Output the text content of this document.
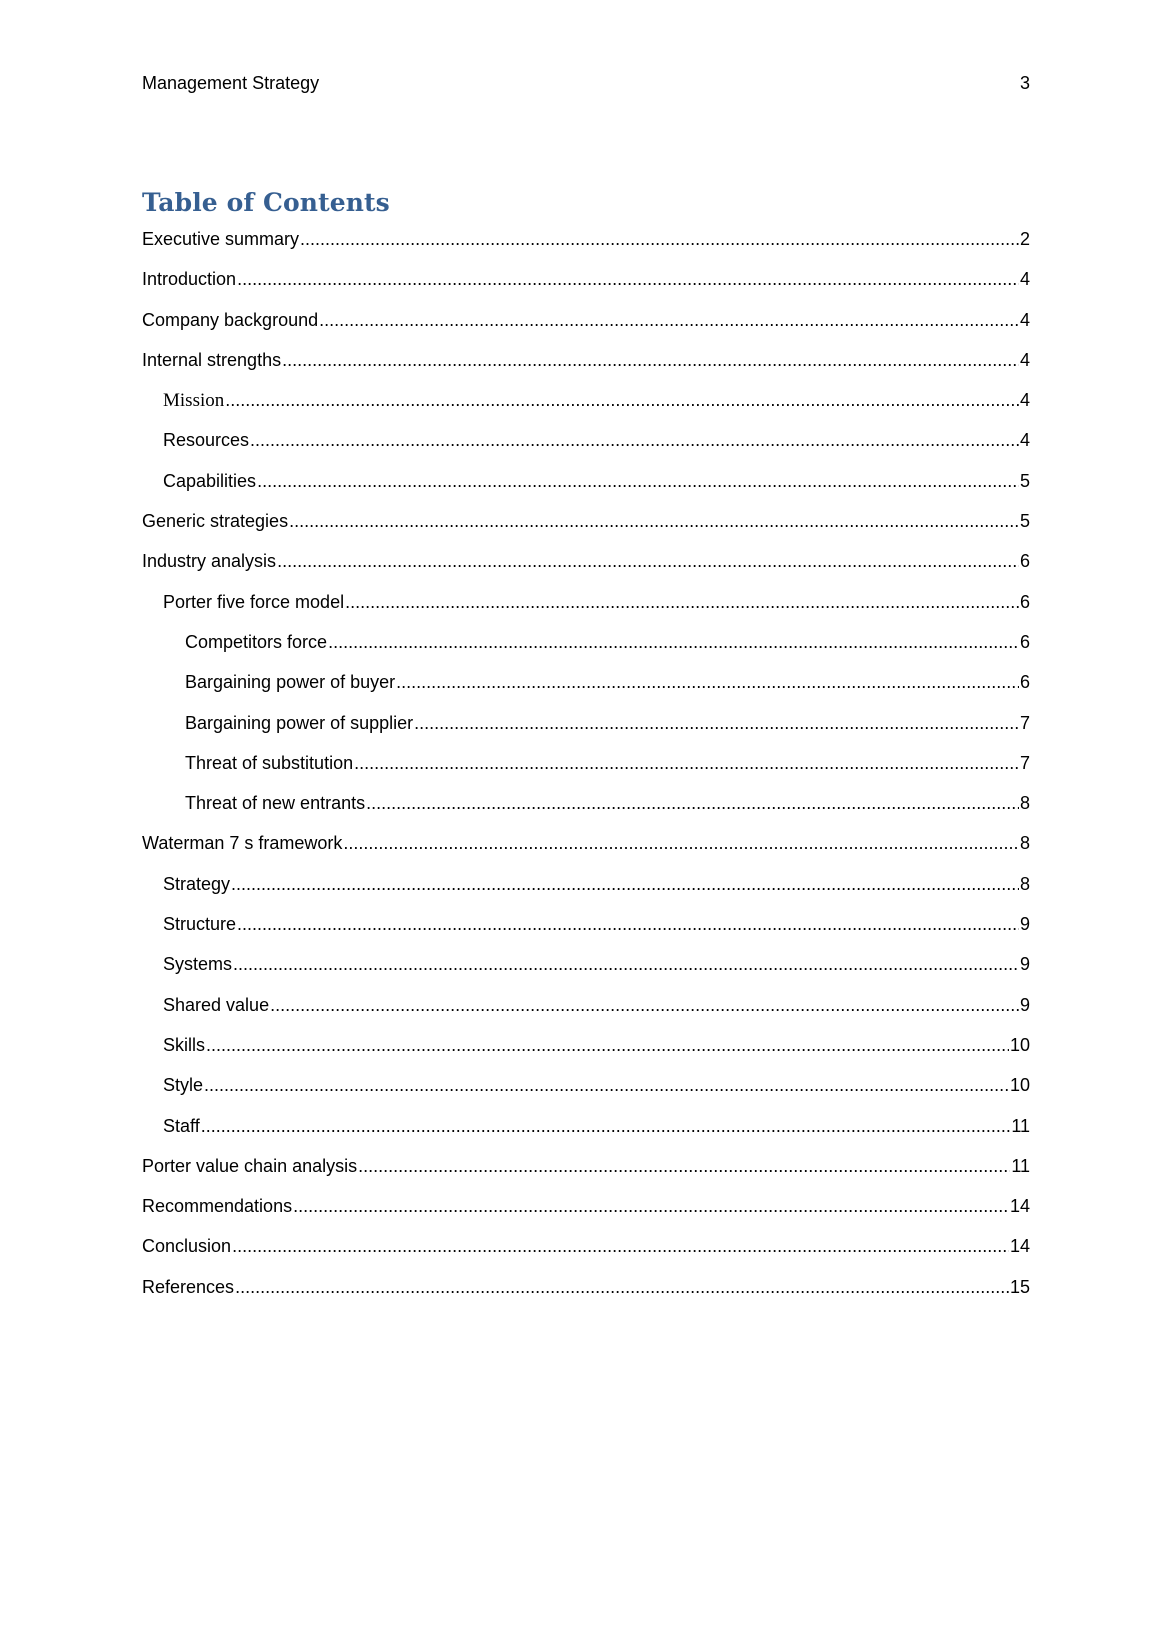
Management Strategy	3
Table of Contents
Executive summary .....	2
Introduction .....	4
Company background .....	4
Internal strengths .....	4
Mission .....	4
Resources .....	4
Capabilities .....	5
Generic strategies .....	5
Industry analysis .....	6
Porter five force model .....	6
Competitors force .....	6
Bargaining power of buyer .....	6
Bargaining power of supplier .....	7
Threat of substitution .....	7
Threat of new entrants .....	8
Waterman 7 s framework .....	8
Strategy .....	8
Structure .....	9
Systems .....	9
Shared value .....	9
Skills .....	10
Style .....	10
Staff .....	11
Porter value chain analysis .....	11
Recommendations .....	14
Conclusion .....	14
References .....	15
